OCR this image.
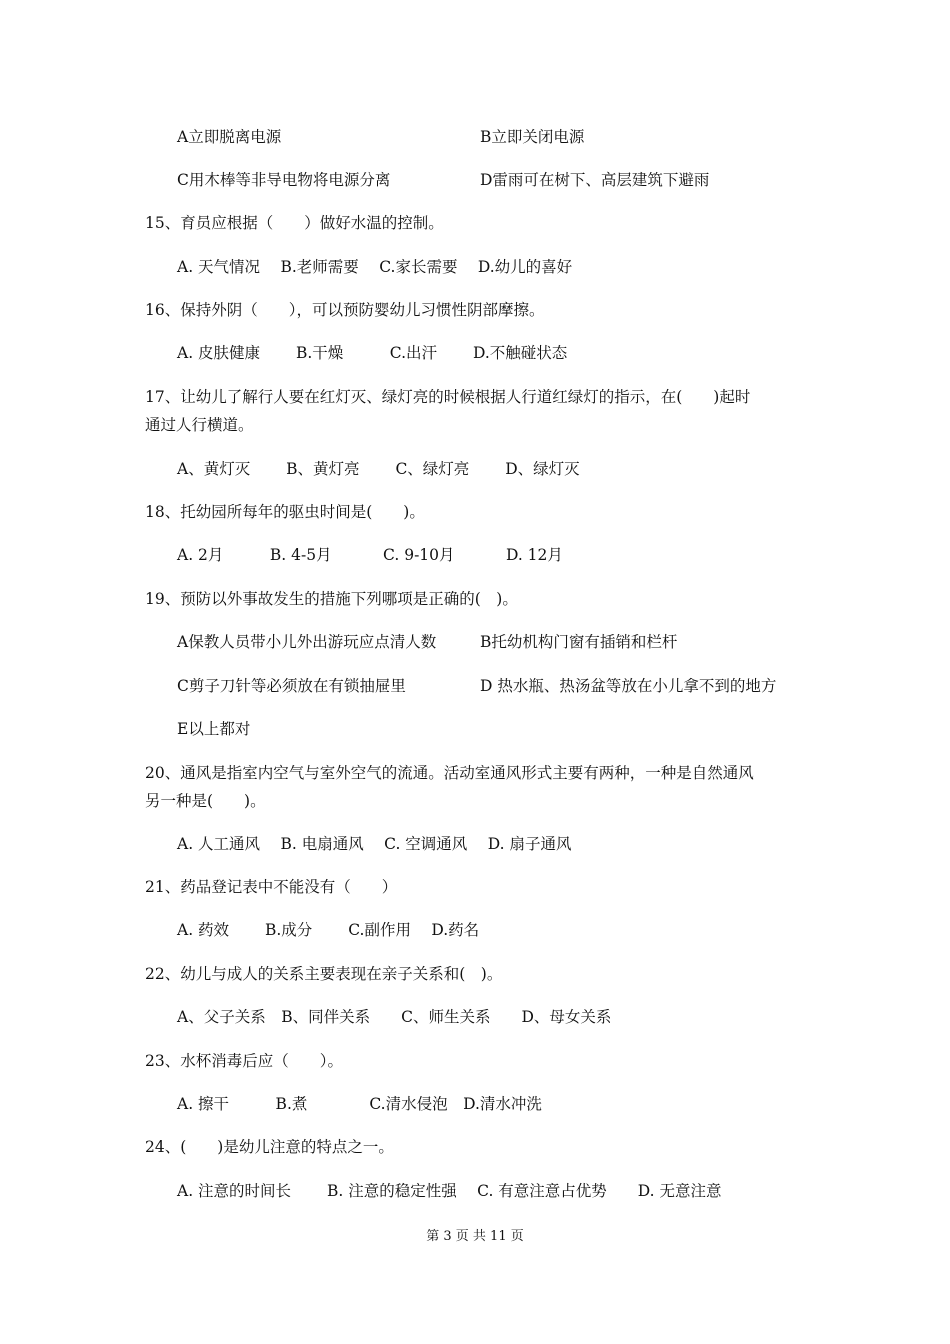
A立即脱离电源	B立即关闭电源
C用木棒等非导电物将电源分离	D雷雨可在树下、高层建筑下避雨
15、育员应根据（　　）做好水温的控制。
A. 天气情况　 B.老师需要　 C.家长需要　 D.幼儿的喜好
16、保持外阴（　　），可以预防婴幼儿习惯性阴部摩擦。
A. 皮肤健康　　 B.干燥　　　C.出汗　　 D.不触碰状态
17、让幼儿了解行人要在红灯灭、绿灯亮的时候根据人行道红绿灯的指示，在(　　)起时
通过人行横道。
A、黄灯灭　　 B、黄灯亮　　 C、绿灯亮　　 D、绿灯灭
18、托幼园所每年的驱虫时间是(　　)。
A. 2月　　　B. 4-5月　　　 C. 9-10月　　　 D. 12月
19、预防以外事故发生的措施下列哪项是正确的(　)。
A保教人员带小儿外出游玩应点清人数	B托幼机构门窗有插销和栏杆
C剪子刀针等必须放在有锁抽屉里	D 热水瓶、热汤盆等放在小儿拿不到的地方
E以上都对
20、通风是指室内空气与室外空气的流通。活动室通风形式主要有两种，一种是自然通风
另一种是(　　)。
A. 人工通风　 B. 电扇通风　 C. 空调通风　 D. 扇子通风
21、药品登记表中不能没有（　　）
A. 药效　　 B.成分　　 C.副作用　 D.药名
22、幼儿与成人的关系主要表现在亲子关系和(　)。
A、父子关系　B、同伴关系　　C、师生关系　　D、母女关系
23、水杯消毒后应（　　）。
A. 擦干　　　B.煮　　　　C.清水侵泡　D.清水冲洗
24、(　　)是幼儿注意的特点之一。
A. 注意的时间长　　 B. 注意的稳定性强　 C. 有意注意占优势　　D. 无意注意
第 3 页 共 11 页
